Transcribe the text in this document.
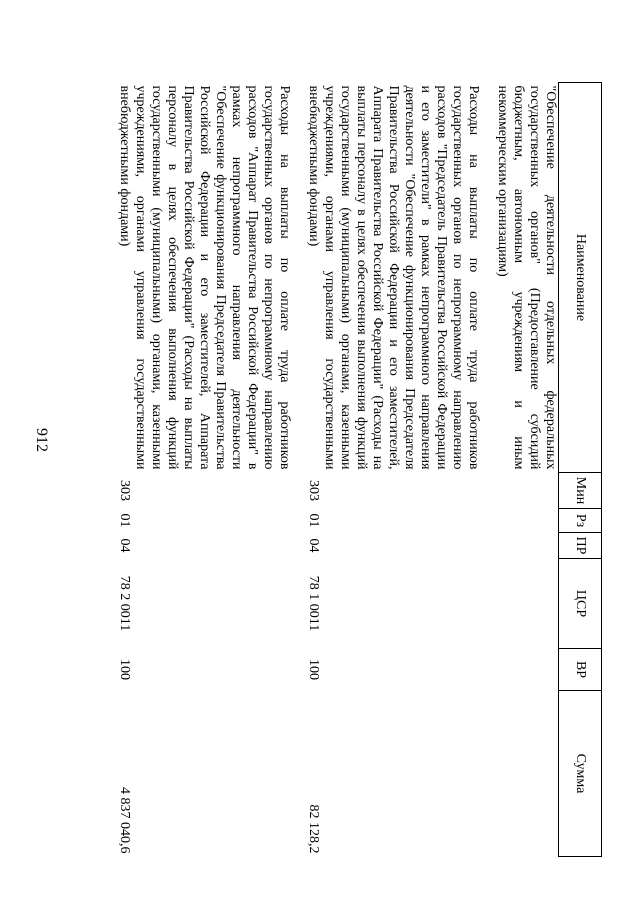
912
Наименование	Мин	Рз	ПР	ЦСР	ВР	Сумма
"Обеспечение деятельности отдельных федеральных государственных органов" (Предоставление субсидий бюджетным, автономным учреждениям и иным некоммерческим организациям)						

Расходы на выплаты по оплате труда работников государственных органов по непрограммному направлению расходов "Председатель Правительства Российской Федерации и его заместители" в рамках непрограммного направления деятельности "Обеспечение функционирования Председателя Правительства Российской Федерации и его заместителей, Аппарата Правительства Российской Федерации" (Расходы на выплаты персоналу в целях обеспечения выполнения функций государственными (муниципальными) органами, казенными учреждениями, органами управления государственными внебюджетными фондами)	303	01	04	78 1 0011	100	82 128,2

Расходы на выплаты по оплате труда работников государственных органов по непрограммному направлению расходов "Аппарат Правительства Российской Федерации" в рамках непрограммного направления деятельности "Обеспечение функционирования Председателя Правительства Российской Федерации и его заместителей, Аппарата Правительства Российской Федерации" (Расходы на выплаты персоналу в целях обеспечения выполнения функций государственными (муниципальными) органами, казенными учреждениями, органами управления государственными внебюджетными фондами)	303	01	04	78 2 0011	100	4 837 040,6
